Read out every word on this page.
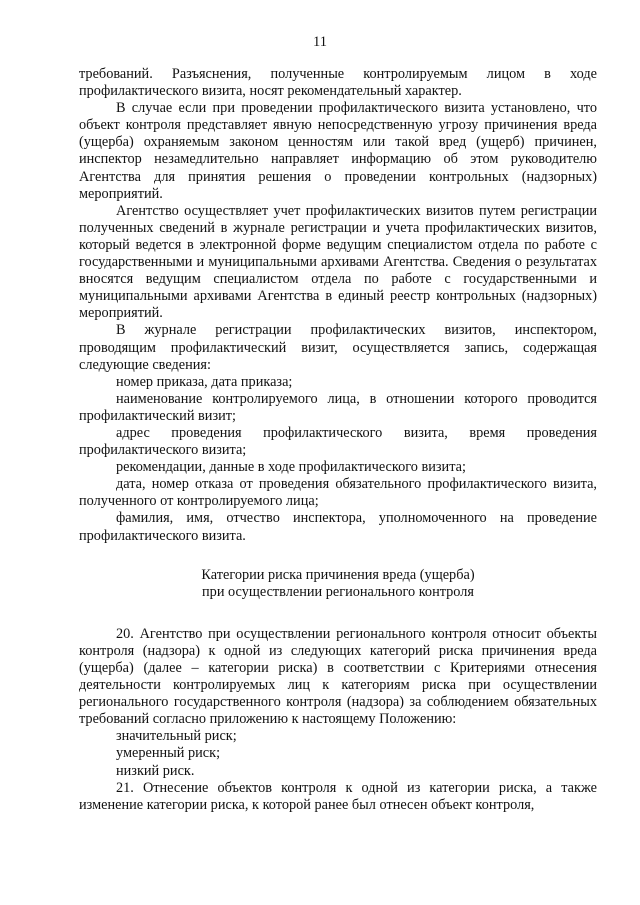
11

требований. Разъяснения, полученные контролируемым лицом в ходе профилактического визита, носят рекомендательный характер.

В случае если при проведении профилактического визита установлено, что объект контроля представляет явную непосредственную угрозу причинения вреда (ущерба) охраняемым законом ценностям или такой вред (ущерб) причинен, инспектор незамедлительно направляет информацию об этом руководителю Агентства для принятия решения о проведении контрольных (надзорных) мероприятий.

Агентство осуществляет учет профилактических визитов путем регистрации полученных сведений в журнале регистрации и учета профилактических визитов, который ведется в электронной форме ведущим специалистом отдела по работе с государственными и муниципальными архивами Агентства. Сведения о результатах вносятся ведущим специалистом отдела по работе с государственными и муниципальными архивами Агентства в единый реестр контрольных (надзорных) мероприятий.

В журнале регистрации профилактических визитов, инспектором, проводящим профилактический визит, осуществляется запись, содержащая следующие сведения:

номер приказа, дата приказа;

наименование контролируемого лица, в отношении которого проводится профилактический визит;

адрес проведения профилактического визита, время проведения профилактического визита;

рекомендации, данные в ходе профилактического визита;

дата, номер отказа от проведения обязательного профилактического визита, полученного от контролируемого лица;

фамилия, имя, отчество инспектора, уполномоченного на проведение профилактического визита.

Категории риска причинения вреда (ущерба)
при осуществлении регионального контроля

20. Агентство при осуществлении регионального контроля относит объекты контроля (надзора) к одной из следующих категорий риска причинения вреда (ущерба) (далее – категории риска) в соответствии с Критериями отнесения деятельности контролируемых лиц к категориям риска при осуществлении регионального государственного контроля (надзора) за соблюдением обязательных требований согласно приложению к настоящему Положению:

значительный риск;

умеренный риск;

низкий риск.

21. Отнесение объектов контроля к одной из категории риска, а также изменение категории риска, к которой ранее был отнесен объект контроля,
